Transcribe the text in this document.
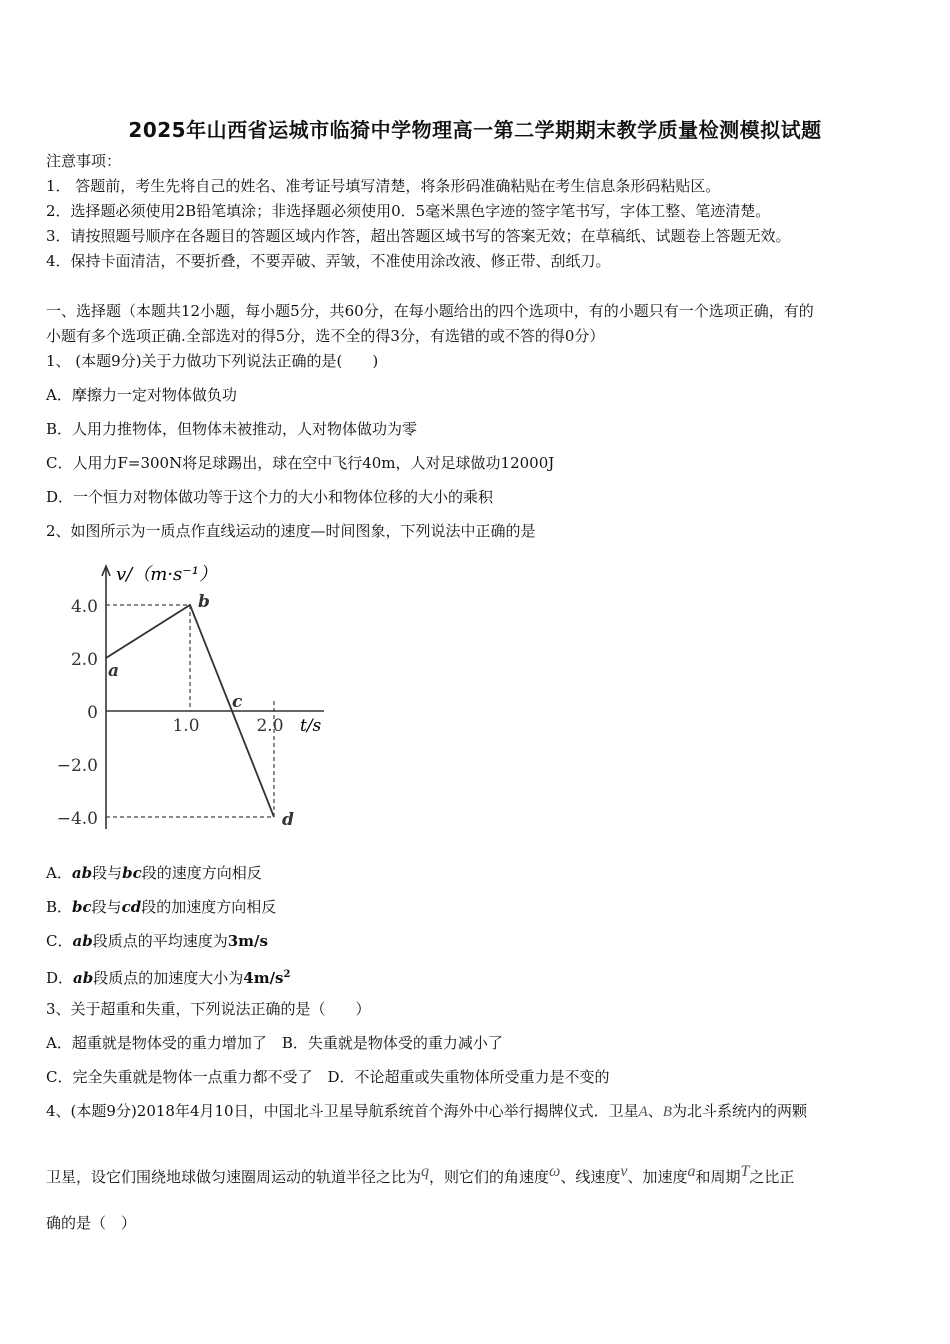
2025年山西省运城市临猗中学物理高一第二学期期末教学质量检测模拟试题
注意事项：
1． 答题前，考生先将自己的姓名、准考证号填写清楚，将条形码准确粘贴在考生信息条形码粘贴区。
2．选择题必须使用2B铅笔填涂；非选择题必须使用0．5毫米黑色字迹的签字笔书写，字体工整、笔迹清楚。
3．请按照题号顺序在各题目的答题区域内作答，超出答题区域书写的答案无效；在草稿纸、试题卷上答题无效。
4．保持卡面清洁，不要折叠，不要弄破、弄皱，不准使用涂改液、修正带、刮纸刀。
一、选择题（本题共12小题，每小题5分，共60分，在每小题给出的四个选项中，有的小题只有一个选项正确，有的
小题有多个选项正确.全部选对的得5分，选不全的得3分，有选错的或不答的得0分）
1、 (本题9分)关于力做功下列说法正确的是(　　)
A．摩擦力一定对物体做负功
B．人用力推物体，但物体未被推动，人对物体做功为零
C．人用力F=300N将足球踢出，球在空中飞行40m，人对足球做功12000J
D．一个恒力对物体做功等于这个力的大小和物体位移的大小的乘积
2、如图所示为一质点作直线运动的速度—时间图象，下列说法中正确的是
4.0
2.0
0
−2.0
−4.0
1.0	2.0
a
b
c
d
v/（m·s⁻¹）
t/s
A．ab段与bc段的速度方向相反
B．bc段与cd段的加速度方向相反
C．ab段质点的平均速度为3m/s
D．ab段质点的加速度大小为$4m/s^2$
3、关于超重和失重，下列说法正确的是（　　）
A．超重就是物体受的重力增加了　B．失重就是物体受的重力减小了
C．完全失重就是物体一点重力都不受了　D．不论超重或失重物体所受重力是不变的
4、(本题9分)2018年4月10日，中国北斗卫星导航系统首个海外中心举行揭牌仪式．卫星A、B为北斗系统内的两颗
卫星，设它们围绕地球做匀速圈周运动的轨道半径之比为$^q$，则它们的角速度$^\omega$、线速度$^v$、加速度$^a$和周期$^T$之比正
确的是（　）
